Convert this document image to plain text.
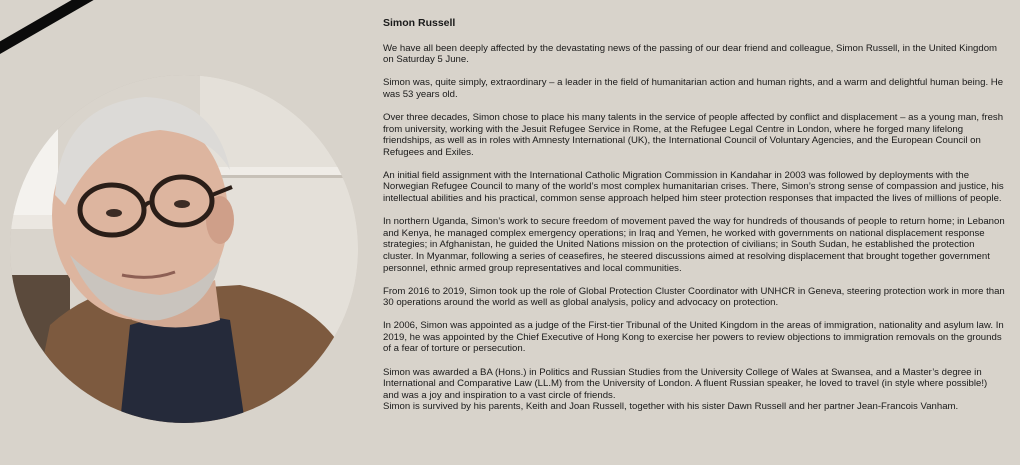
Simon Russell

We have all been deeply affected by the devastating news of the passing of our dear friend and colleague, Simon Russell, in the United Kingdom on Saturday 5 June.

Simon was, quite simply, extraordinary – a leader in the field of humanitarian action and human rights, and a warm and delightful human being. He was 53 years old.

Over three decades, Simon chose to place his many talents in the service of people affected by conflict and displacement – as a young man, fresh from university, working with the Jesuit Refugee Service in Rome, at the Refugee Legal Centre in London, where he forged many lifelong friendships, as well as in roles with Amnesty International (UK), the International Council of Voluntary Agencies, and the European Council on Refugees and Exiles.

An initial field assignment with the International Catholic Migration Commission in Kandahar in 2003 was followed by deployments with the Norwegian Refugee Council to many of the world’s most complex humanitarian crises. There, Simon’s strong sense of compassion and justice, his intellectual abilities and his practical, common sense approach helped him steer protection responses that impacted the lives of millions of people.

In northern Uganda, Simon’s work to secure freedom of movement paved the way for hundreds of thousands of people to return home; in Lebanon and Kenya, he managed complex emergency operations; in Iraq and Yemen, he worked with governments on national displacement response strategies; in Afghanistan, he guided the United Nations mission on the protection of civilians; in South Sudan, he established the protection cluster. In Myanmar, following a series of ceasefires, he steered discussions aimed at resolving displacement that brought together government personnel, ethnic armed group representatives and local communities.

From 2016 to 2019, Simon took up the role of Global Protection Cluster Coordinator with UNHCR in Geneva, steering protection work in more than 30 operations around the world as well as global analysis, policy and advocacy on protection.

In 2006, Simon was appointed as a judge of the First-tier Tribunal of the United Kingdom in the areas of immigration, nationality and asylum law. In 2019, he was appointed by the Chief Executive of Hong Kong to exercise her powers to review objections to immigration removals on the grounds of a fear of torture or persecution.

Simon was awarded a BA (Hons.) in Politics and Russian Studies from the University College of Wales at Swansea, and a Master’s degree in International and Comparative Law (LL.M) from the University of London. A fluent Russian speaker, he loved to travel (in style where possible!) and was a joy and inspiration to a vast circle of friends.

Simon is survived by his parents, Keith and Joan Russell, together with his sister Dawn Russell and her partner Jean-Francois Vanham.
